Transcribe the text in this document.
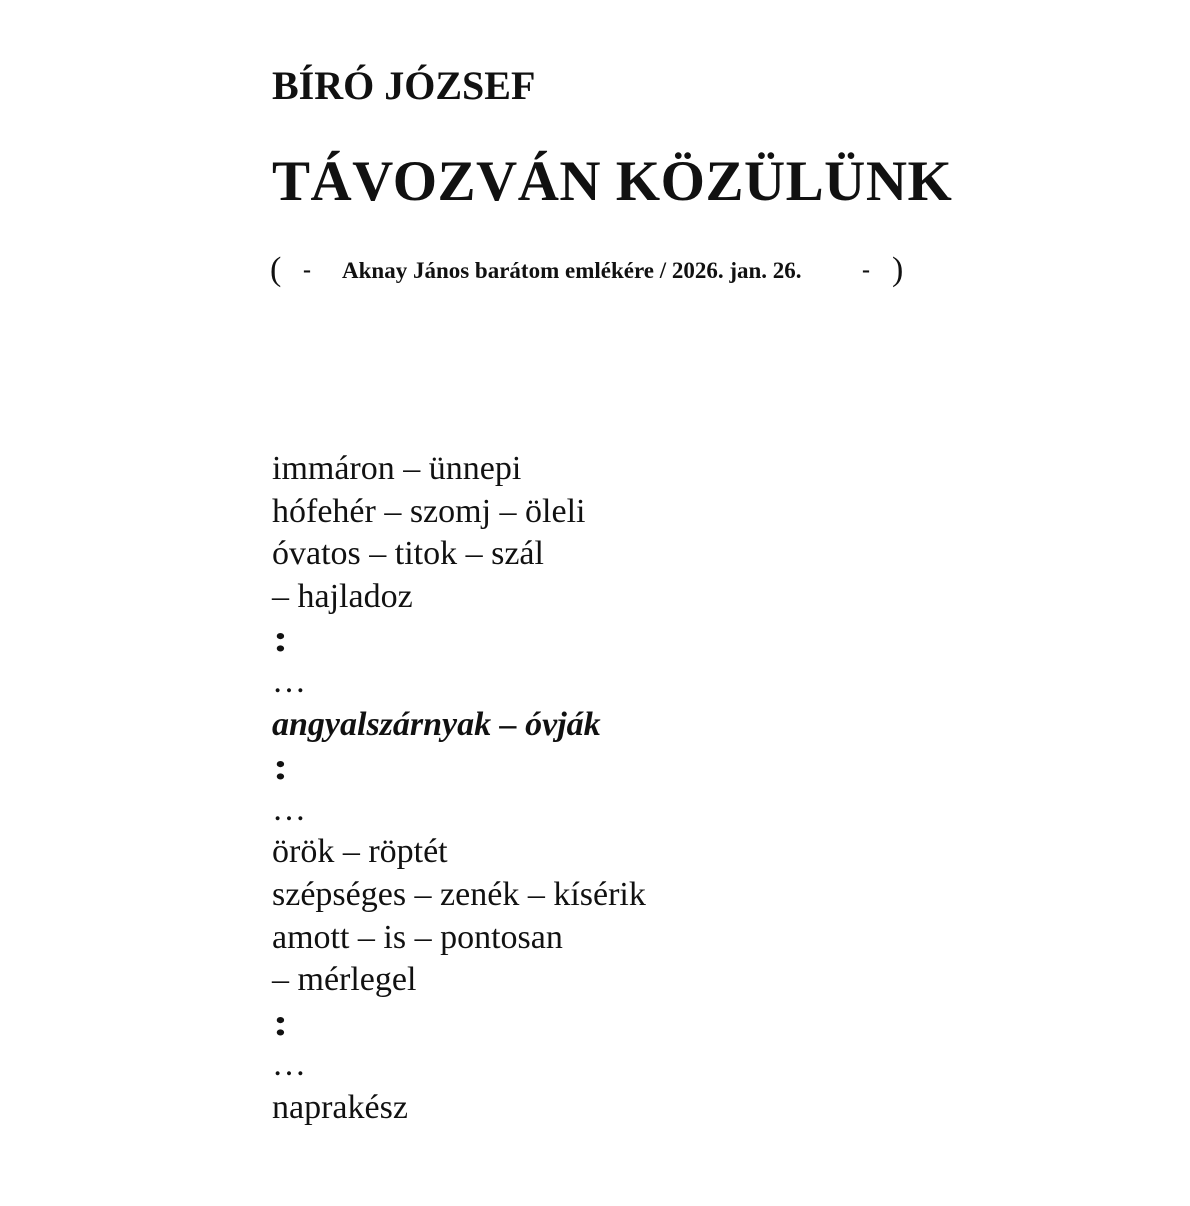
BÍRÓ JÓZSEF
TÁVOZVÁN KÖZÜLÜNK
( - Aknay János barátom emlékére / 2026. jan. 26.	- )
immáron – ünnepi
hófehér – szomj – öleli
óvatos – titok – szál
– hajladoz
:
…
angyalszárnyak – óvják
:
…
örök – röptét
szépséges – zenék – kísérik
amott – is – pontosan
– mérlegel
:
…
naprakész
